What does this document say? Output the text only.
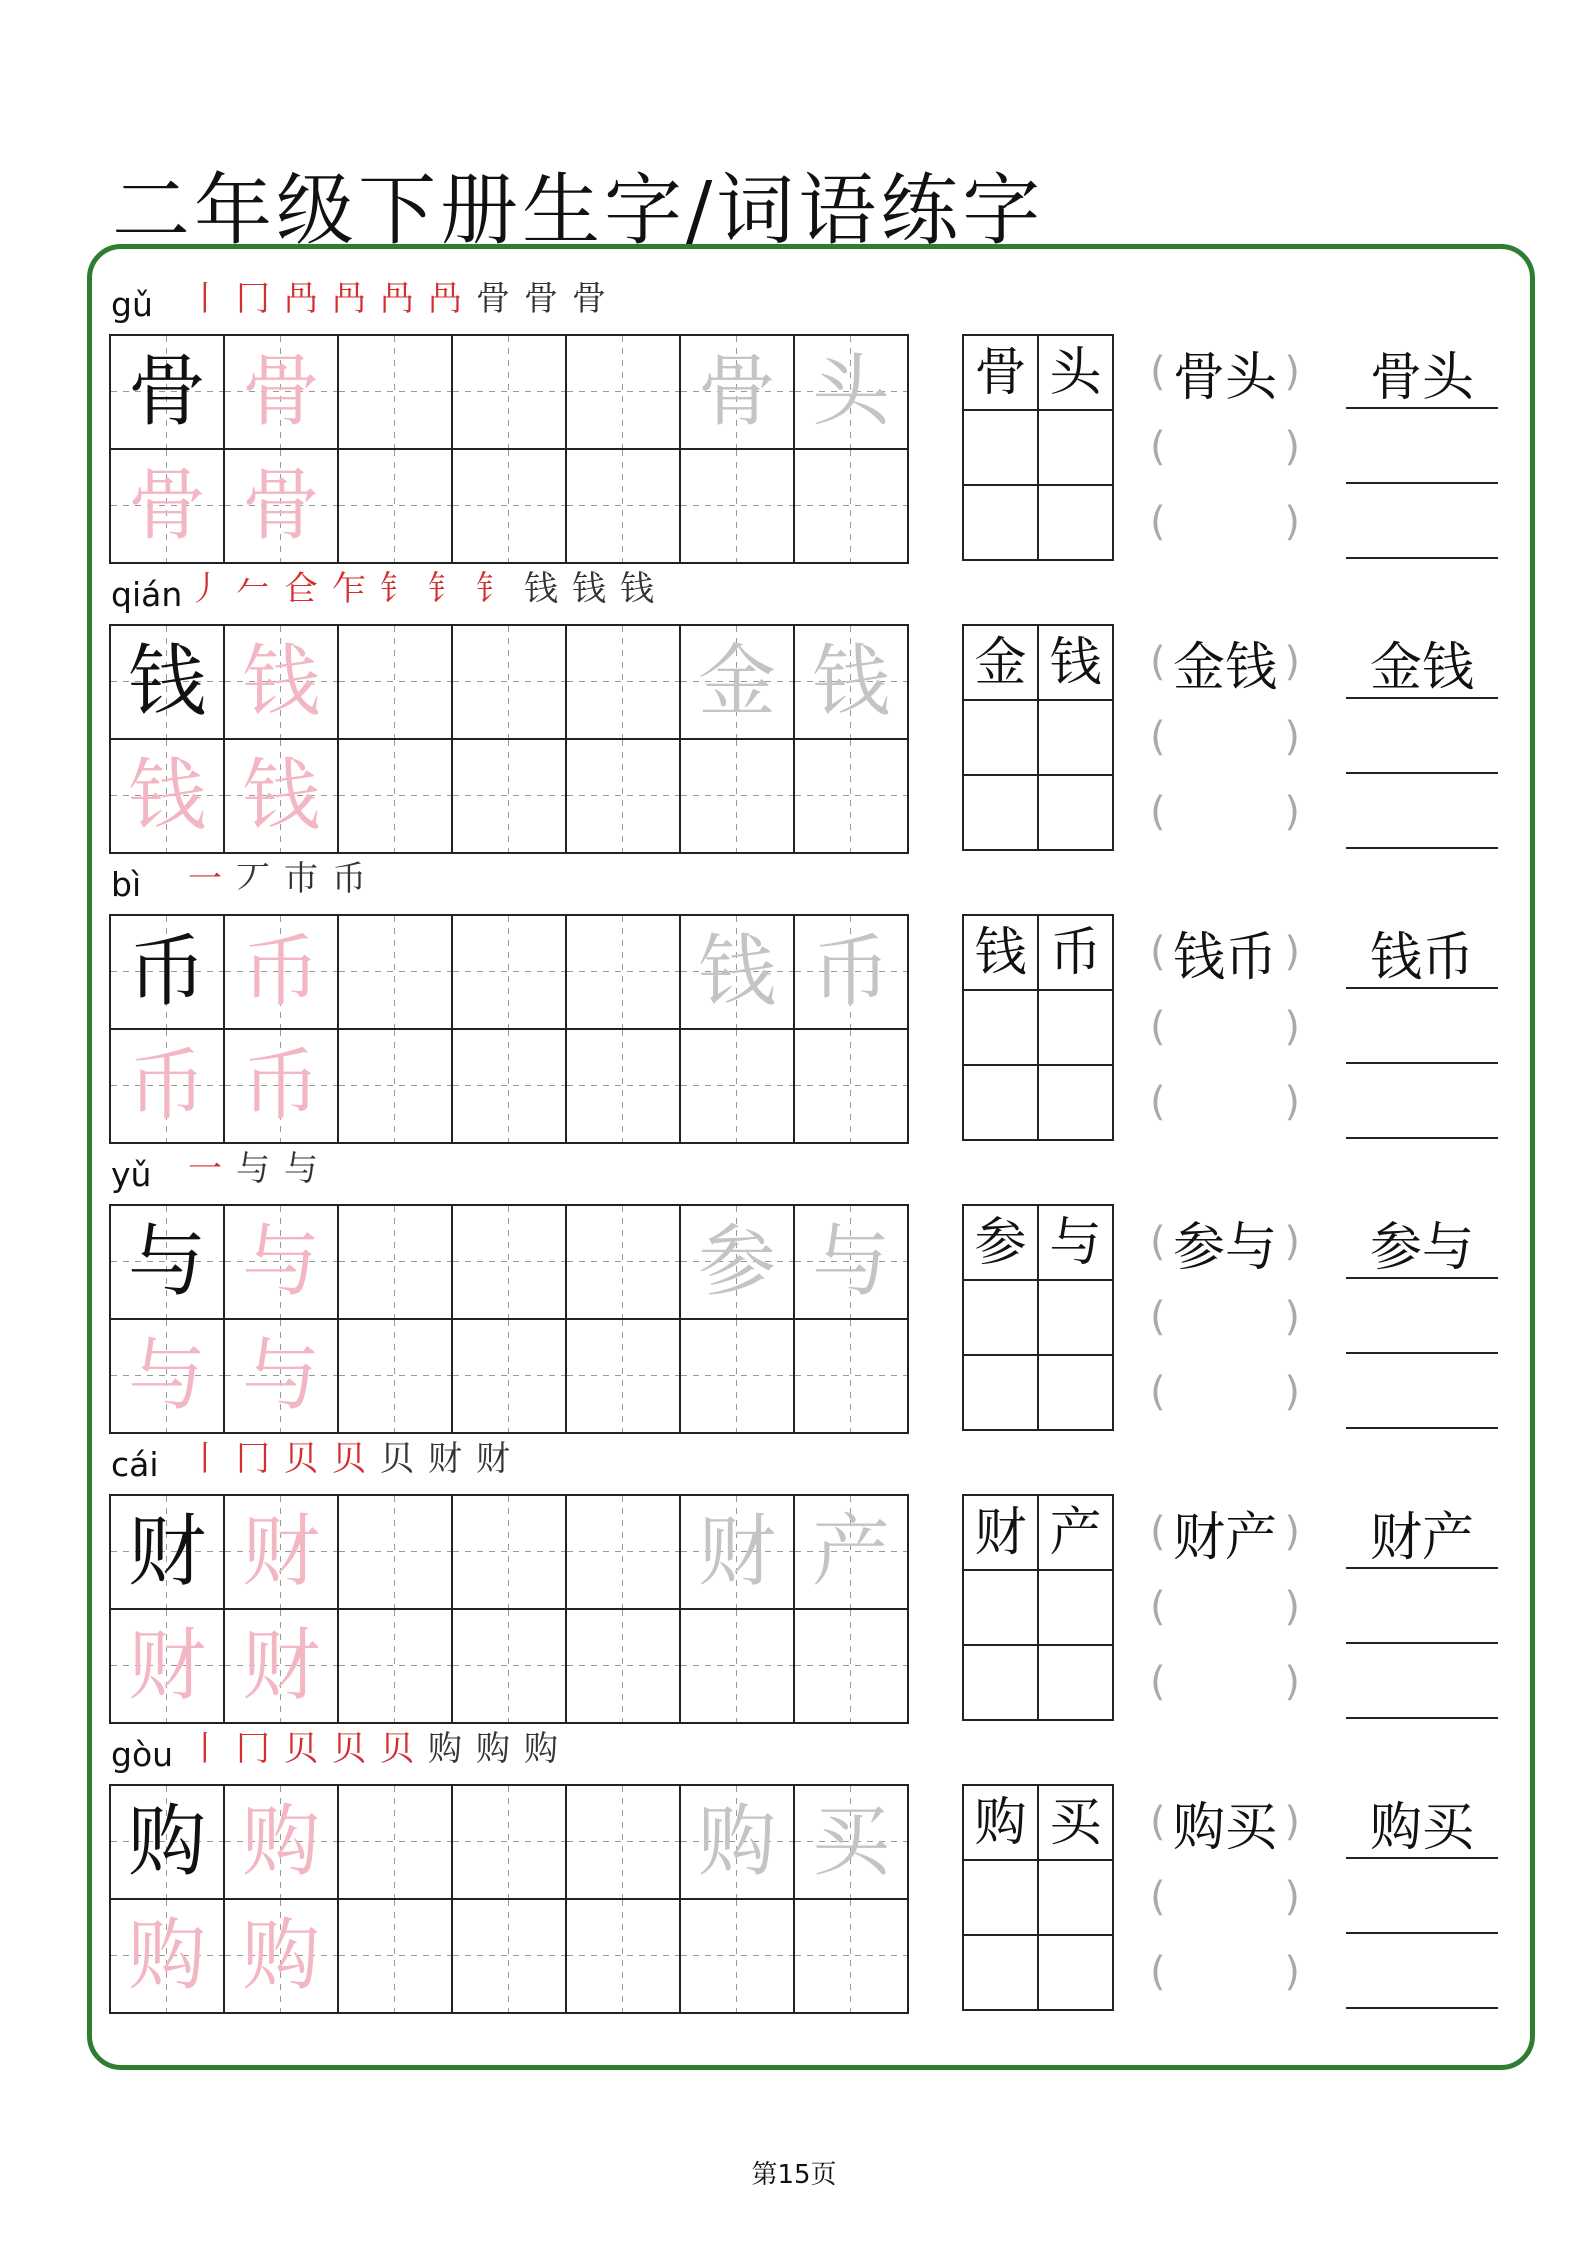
二年级下册生字/词语练字
gǔ 丨 冂 冎 冎 冎 冎 骨 骨 骨
骨 骨	骨 头
骨 骨
骨 头	( 骨头 )
(	)
(	)
骨头
qián 丿 𠂉 仺 乍 钅 钅 钅 钱 钱 钱
钱 钱	金 钱
钱 钱
金 钱	( 金钱 )
(	)
(	)
金钱
bì 一 丆 巿 币
币 币	钱 币
币 币
钱 币	( 钱币 )
(	)
(	)
钱币
yǔ 一 与 与
与 与	参 与
与 与
参 与	( 参与 )
(	)
(	)
参与
cái 丨 冂 贝 贝 贝 财 财
财 财	财 产
财 财
财 产	( 财产 )
(	)
(	)
财产
gòu 丨 冂 贝 贝 贝 购 购 购
购 购	购 买
购 购
购 买	( 购买 )
(	)
(	)
购买
第15页
